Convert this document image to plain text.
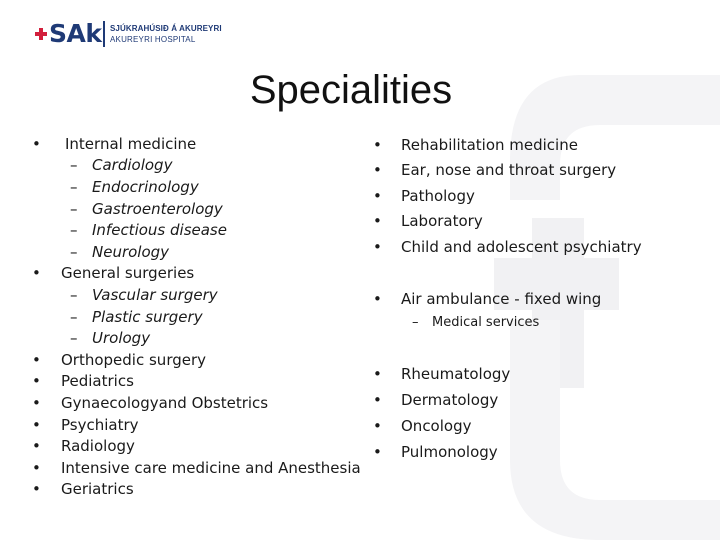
SAk SJÚKRAHÚSIÐ Á AKUREYRI
AKUREYRI HOSPITAL
Specialities
• Internal medicine
– Cardiology
– Endocrinology
– Gastroenterology
– Infectious disease
– Neurology
• General surgeries
– Vascular surgery
– Plastic surgery
– Urology
• Orthopedic surgery
• Pediatrics
• Gynaecologyand Obstetrics
• Psychiatry
• Radiology
• Intensive care medicine and Anesthesia
• Geriatrics
• Rehabilitation medicine
• Ear, nose and throat surgery
• Pathology
• Laboratory
• Child and adolescent psychiatry
• Air ambulance - fixed wing
– Medical services
• Rheumatology
• Dermatology
• Oncology
• Pulmonology
